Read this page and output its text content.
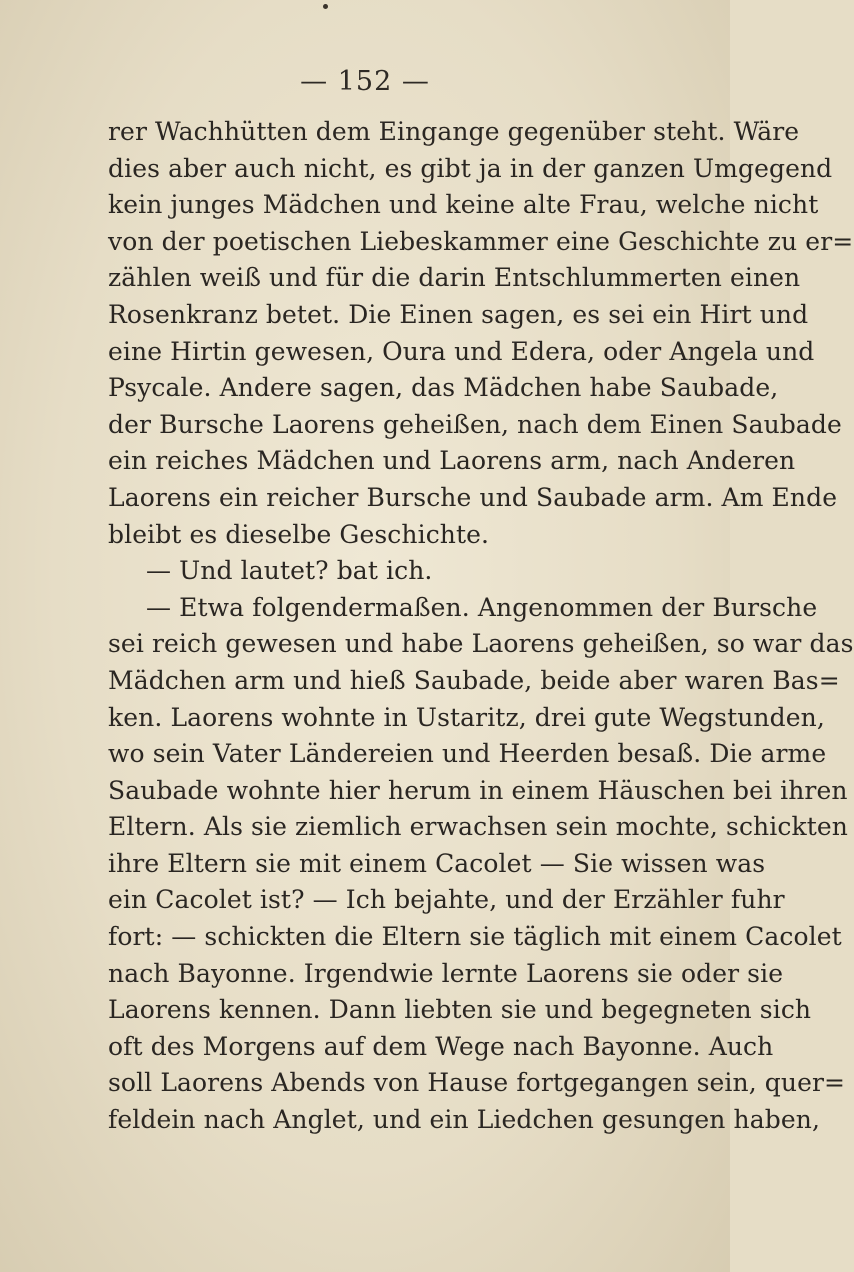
— 152 —
rer Wachhütten dem Eingange gegenüber steht. Wäre
dies aber auch nicht, es gibt ja in der ganzen Umgegend
kein junges Mädchen und keine alte Frau, welche nicht
von der poetischen Liebeskammer eine Geschichte zu er=
zählen weiß und für die darin Entschlummerten einen
Rosenkranz betet. Die Einen sagen, es sei ein Hirt und
eine Hirtin gewesen, Oura und Edera, oder Angela und
Psycale. Andere sagen, das Mädchen habe Saubade,
der Bursche Laorens geheißen, nach dem Einen Saubade
ein reiches Mädchen und Laorens arm, nach Anderen
Laorens ein reicher Bursche und Saubade arm. Am Ende
bleibt es dieselbe Geschichte.
— Und lautet? bat ich.
— Etwa folgendermaßen. Angenommen der Bursche
sei reich gewesen und habe Laorens geheißen, so war das
Mädchen arm und hieß Saubade, beide aber waren Bas=
ken. Laorens wohnte in Ustaritz, drei gute Wegstunden,
wo sein Vater Ländereien und Heerden besaß. Die arme
Saubade wohnte hier herum in einem Häuschen bei ihren
Eltern. Als sie ziemlich erwachsen sein mochte, schickten
ihre Eltern sie mit einem Cacolet — Sie wissen was
ein Cacolet ist? — Ich bejahte, und der Erzähler fuhr
fort: — schickten die Eltern sie täglich mit einem Cacolet
nach Bayonne. Irgendwie lernte Laorens sie oder sie
Laorens kennen. Dann liebten sie und begegneten sich
oft des Morgens auf dem Wege nach Bayonne. Auch
soll Laorens Abends von Hause fortgegangen sein, quer=
feldein nach Anglet, und ein Liedchen gesungen haben,
